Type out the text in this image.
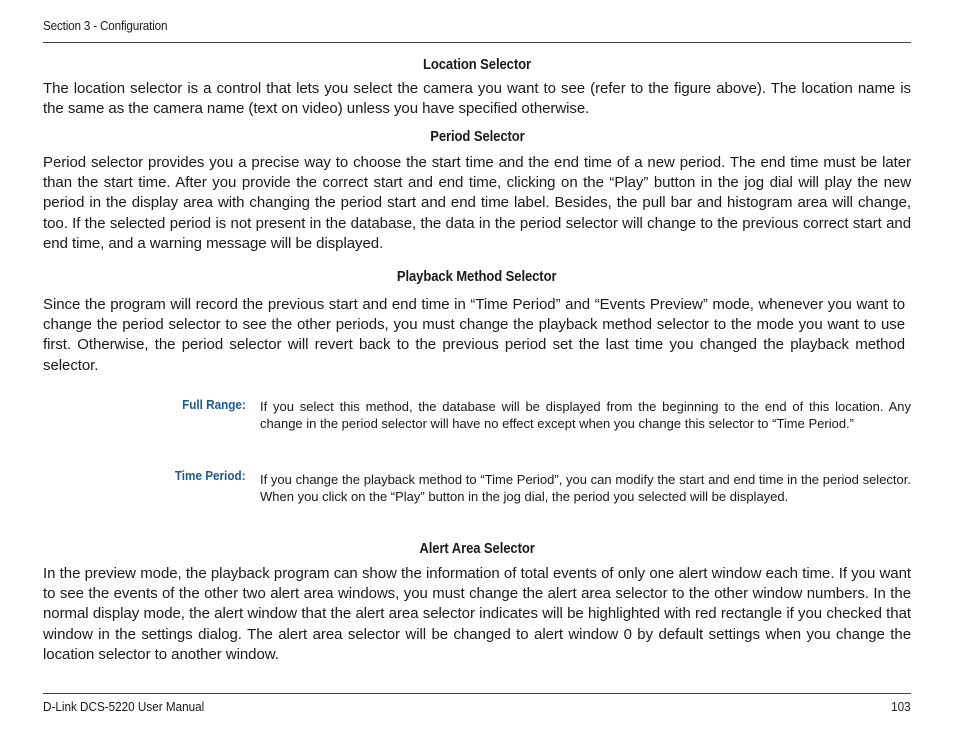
Section 3 - Configuration
Location Selector
The location selector is a control that lets you select the camera you want to see (refer to the figure above). The location name is the same as the camera name (text on video) unless you have specified otherwise.
Period Selector
Period selector provides you a precise way to choose the start time and the end time of a new period. The end time must be later than the start time. After you provide the correct start and end time, clicking on the “Play” button in the jog dial will play the new period in the display area with changing the period start and end time label. Besides, the pull bar and histogram area will change, too. If the selected period is not present in the database, the data in the period selector will change to the previous correct start and end time, and a warning message will be displayed.
Playback Method Selector
Since the program will record the previous start and end time in “Time Period” and “Events Preview” mode, whenever you want to change the period selector to see the other periods, you must change the playback method selector to the mode you want to use first. Otherwise, the period selector will revert back to the previous period set the last time you changed the playback method selector.
Full Range: If you select this method, the database will be displayed from the beginning to the end of this location. Any change in the period selector will have no effect except when you change this selector to “Time Period.”
Time Period: If you change the playback method to “Time Period”, you can modify the start and end time in the period selector. When you click on the “Play” button in the jog dial, the period you selected will be displayed.
Alert Area Selector
In the preview mode, the playback program can show the information of total events of only one alert window each time. If you want to see the events of the other two alert area windows, you must change the alert area selector to the other window numbers. In the normal display mode, the alert window that the alert area selector indicates will be highlighted with red rectangle if you checked that window in the settings dialog. The alert area selector will be changed to alert window 0 by default settings when you change the location selector to another window.
D-Link DCS-5220 User Manual	103
